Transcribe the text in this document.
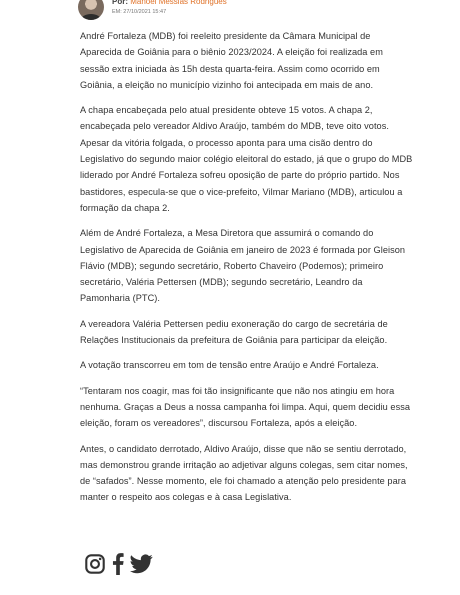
Por: Manoel Messias Rodrigues
EM: 27/10/2021 15:47

André Fortaleza (MDB) foi reeleito presidente da Câmara Municipal de Aparecida de Goiânia para o biênio 2023/2024. A eleição foi realizada em sessão extra iniciada às 15h desta quarta-feira. Assim como ocorrido em Goiânia, a eleição no município vizinho foi antecipada em mais de ano.

A chapa encabeçada pelo atual presidente obteve 15 votos. A chapa 2, encabeçada pelo vereador Aldivo Araújo, também do MDB, teve oito votos. Apesar da vitória folgada, o processo aponta para uma cisão dentro do Legislativo do segundo maior colégio eleitoral do estado, já que o grupo do MDB liderado por André Fortaleza sofreu oposição de parte do próprio partido. Nos bastidores, especula-se que o vice-prefeito, Vilmar Mariano (MDB), articulou a formação da chapa 2.

Além de André Fortaleza, a Mesa Diretora que assumirá o comando do Legislativo de Aparecida de Goiânia em janeiro de 2023 é formada por Gleison Flávio (MDB); segundo secretário, Roberto Chaveiro (Podemos); primeiro secretário, Valéria Pettersen (MDB); segundo secretário, Leandro da Pamonharia (PTC).

A vereadora Valéria Pettersen pediu exoneração do cargo de secretária de Relações Institucionais da prefeitura de Goiânia para participar da eleição.

A votação transcorreu em tom de tensão entre Araújo e André Fortaleza.

“Tentaram nos coagir, mas foi tão insignificante que não nos atingiu em hora nenhuma. Graças a Deus a nossa campanha foi limpa. Aqui, quem decidiu essa eleição, foram os vereadores”, discursou Fortaleza, após a eleição.

Antes, o candidato derrotado, Aldivo Araújo, disse que não se sentiu derrotado, mas demonstrou grande irritação ao adjetivar alguns colegas, sem citar nomes, de “safados”. Nesse momento, ele foi chamado a atenção pelo presidente para manter o respeito aos colegas e à casa Legislativa.
